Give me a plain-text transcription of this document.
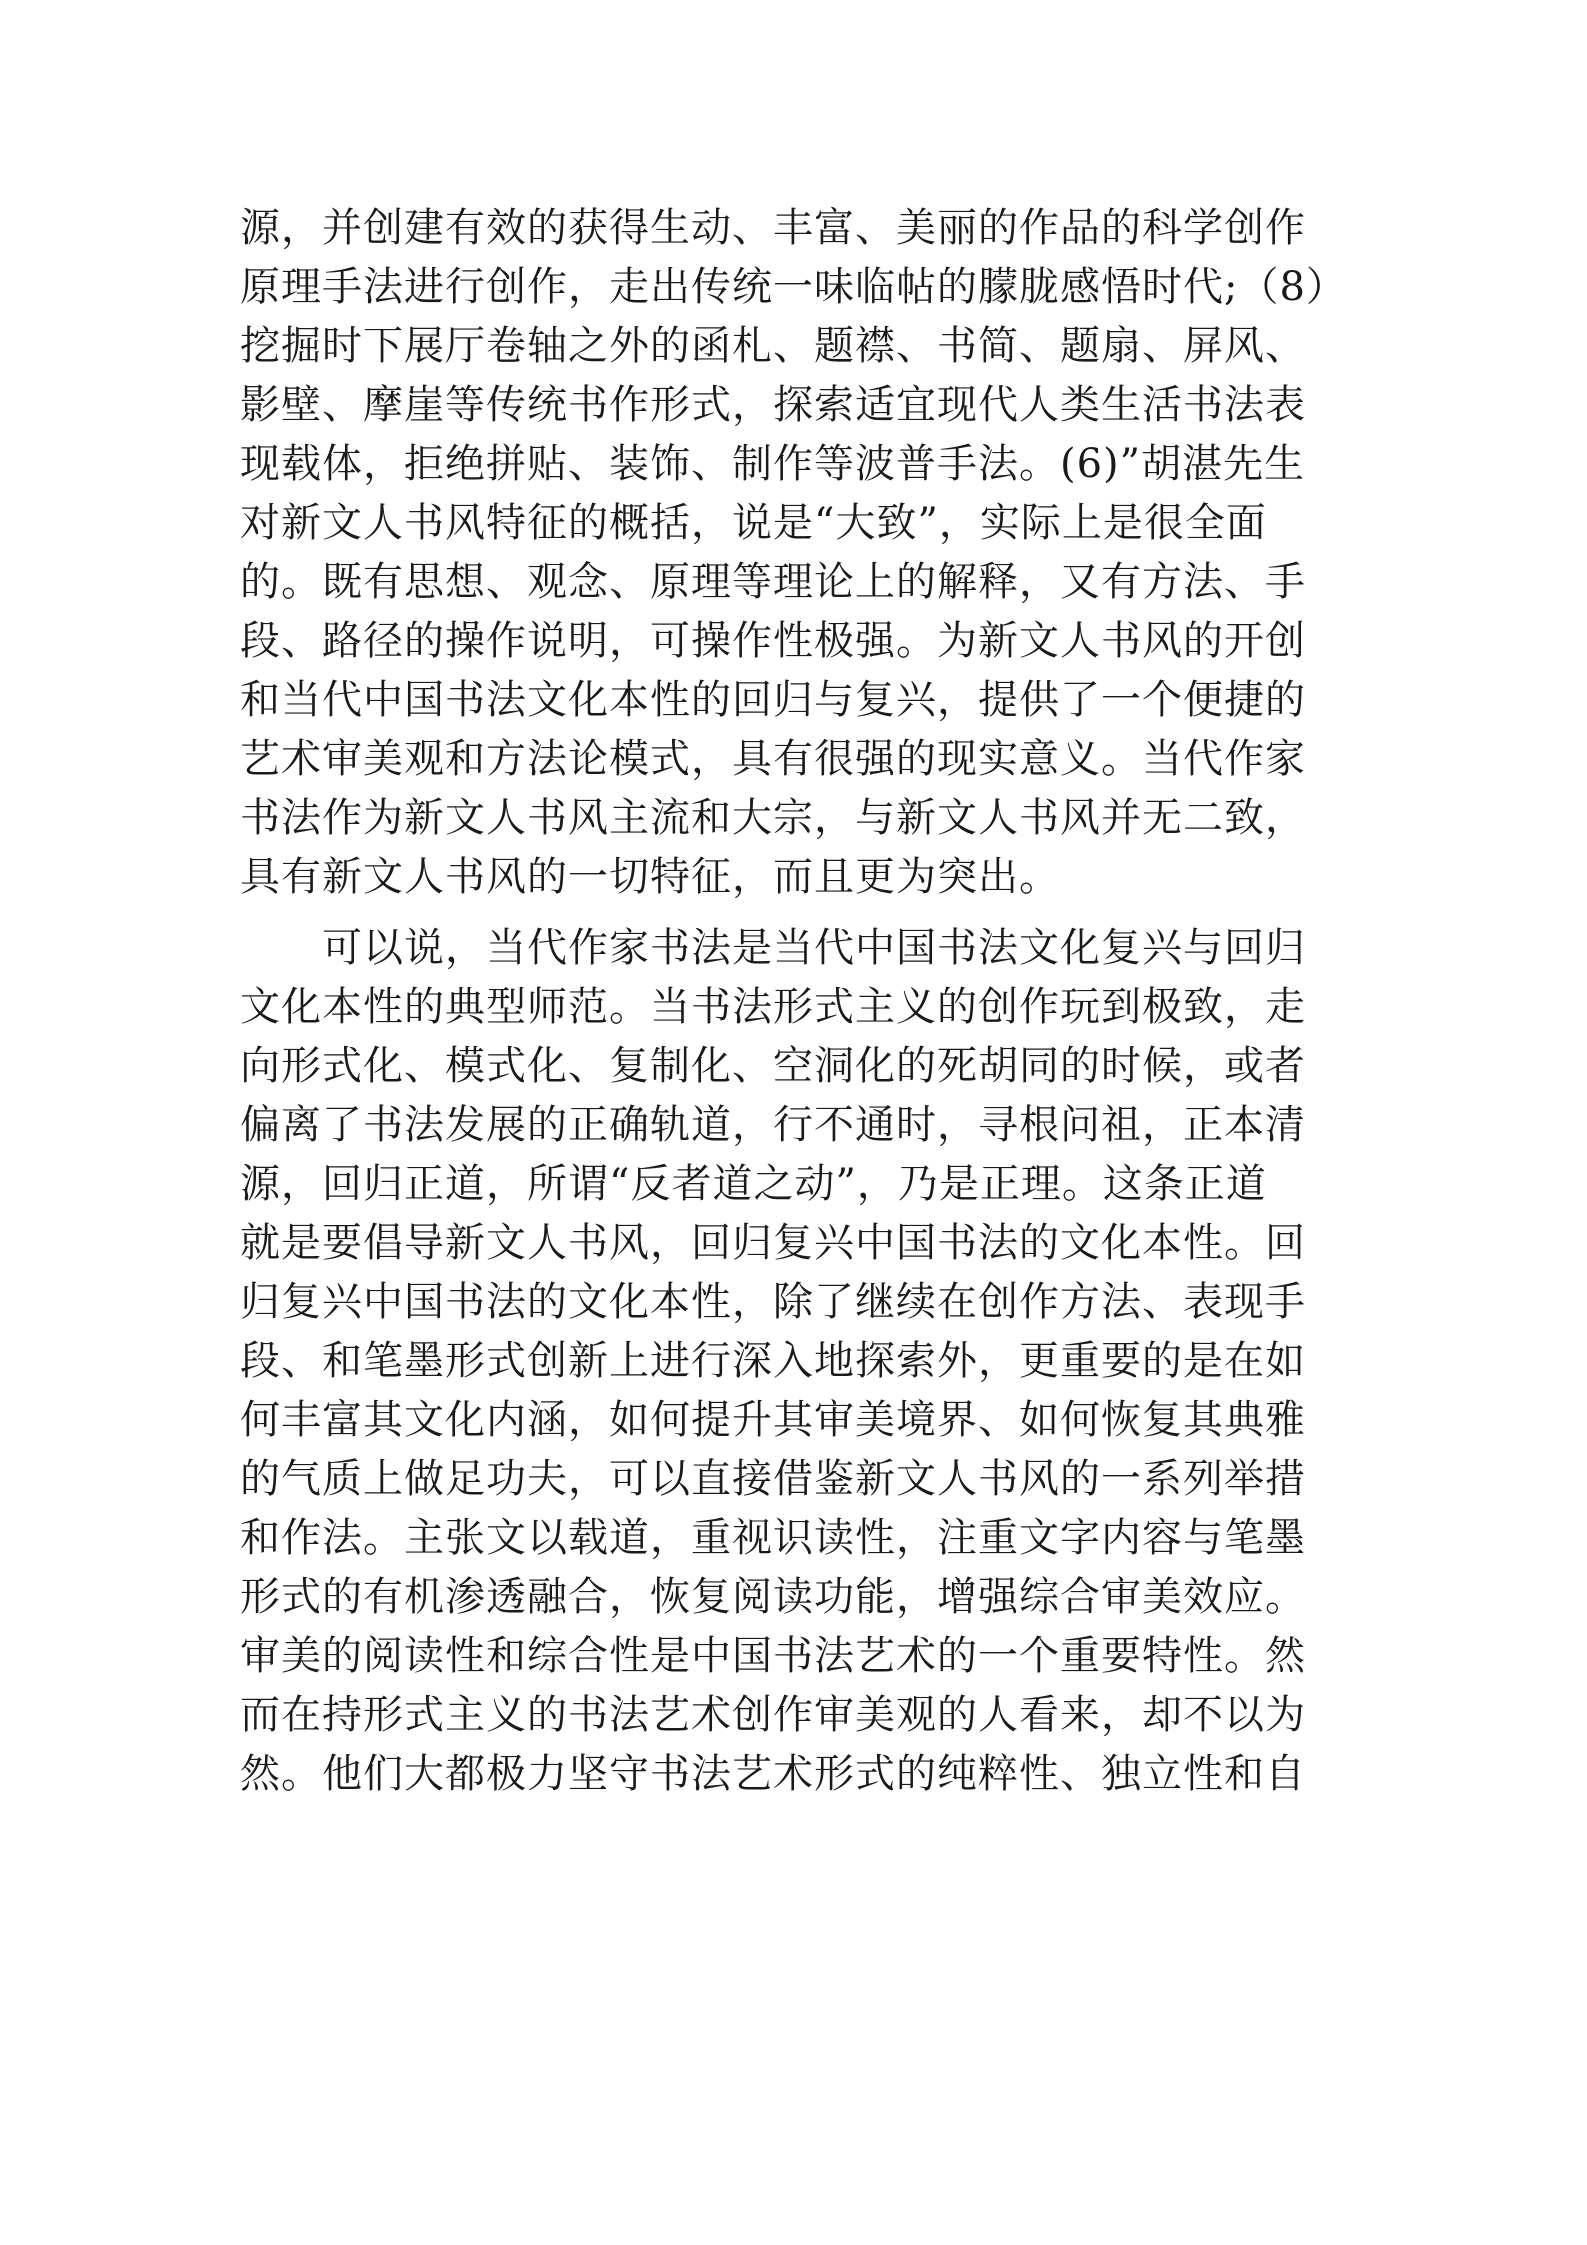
源，并创建有效的获得生动、丰富、美丽的作品的科学创作
原理手法进行创作，走出传统一味临帖的朦胧感悟时代;（8）
挖掘时下展厅卷轴之外的函札、题襟、书简、题扇、屏风、
影壁、摩崖等传统书作形式，探索适宜现代人类生活书法表
现载体，拒绝拼贴、装饰、制作等波普手法。(6)”胡湛先生
对新文人书风特征的概括，说是“大致”，实际上是很全面
的。既有思想、观念、原理等理论上的解释，又有方法、手
段、路径的操作说明，可操作性极强。为新文人书风的开创
和当代中国书法文化本性的回归与复兴，提供了一个便捷的
艺术审美观和方法论模式，具有很强的现实意义。当代作家
书法作为新文人书风主流和大宗，与新文人书风并无二致，
具有新文人书风的一切特征，而且更为突出。
可以说，当代作家书法是当代中国书法文化复兴与回归
文化本性的典型师范。当书法形式主义的创作玩到极致，走
向形式化、模式化、复制化、空洞化的死胡同的时候，或者
偏离了书法发展的正确轨道，行不通时，寻根问祖，正本清
源，回归正道，所谓“反者道之动”，乃是正理。这条正道
就是要倡导新文人书风，回归复兴中国书法的文化本性。回
归复兴中国书法的文化本性，除了继续在创作方法、表现手
段、和笔墨形式创新上进行深入地探索外，更重要的是在如
何丰富其文化内涵，如何提升其审美境界、如何恢复其典雅
的气质上做足功夫，可以直接借鉴新文人书风的一系列举措
和作法。主张文以载道，重视识读性，注重文字内容与笔墨
形式的有机渗透融合，恢复阅读功能，增强综合审美效应。
审美的阅读性和综合性是中国书法艺术的一个重要特性。然
而在持形式主义的书法艺术创作审美观的人看来，却不以为
然。他们大都极力坚守书法艺术形式的纯粹性、独立性和自
